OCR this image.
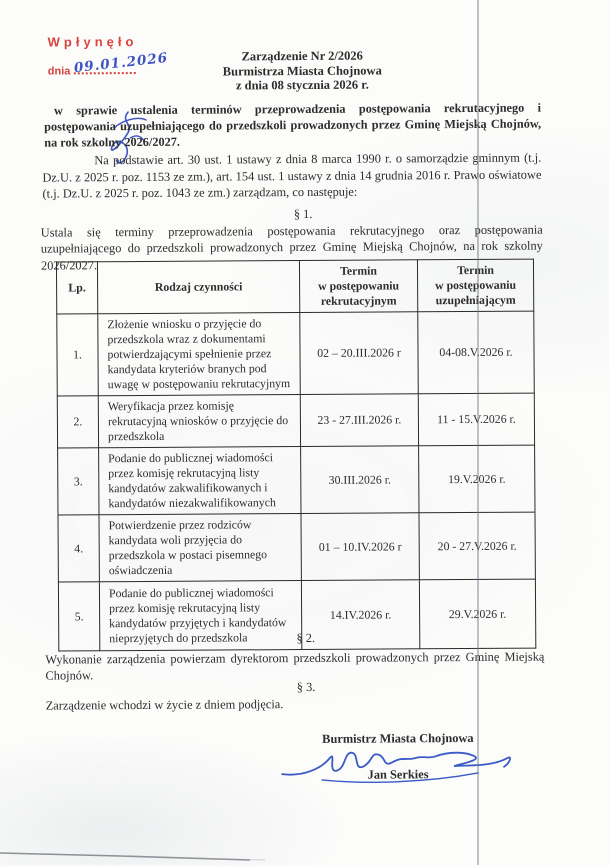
Wpłynęło
dnia 09.01.2026	Zarządzenie Nr 2/2026
Burmistrza Miasta Chojnowa
z dnia 08 stycznia 2026 r.
w sprawie ustalenia terminów przeprowadzenia postępowania rekrutacyjnego i postępowania uzupełniającego do przedszkoli prowadzonych przez Gminę Miejską Chojnów, na rok szkolny 2026/2027.
Na podstawie art. 30 ust. 1 ustawy z dnia 8 marca 1990 r. o samorządzie gminnym (t.j. Dz.U. z 2025 r. poz. 1153 ze zm.), art. 154 ust. 1 ustawy z dnia 14 grudnia 2016 r. Prawo oświatowe (t.j. Dz.U. z 2025 r. poz. 1043 ze zm.) zarządzam, co następuje:
§ 1.
Ustala się terminy przeprowadzenia postępowania rekrutacyjnego oraz postępowania uzupełniającego do przedszkoli prowadzonych przez Gminę Miejską Chojnów, na rok szkolny 2026/2027.
Lp.	Rodzaj czynności	Termin
w postępowaniu
rekrutacyjnym	Termin
w postępowaniu
uzupełniającym
1.	Złożenie wniosku o przyjęcie do przedszkola wraz z dokumentami potwierdzającymi spełnienie przez kandydata kryteriów branych pod uwagę w postępowaniu rekrutacyjnym	02 – 20.III.2026 r	04-08.V.2026 r.
2.	Weryfikacja przez komisję rekrutacyjną wniosków o przyjęcie do przedszkola	23 - 27.III.2026 r.	11 - 15.V.2026 r.
3.	Podanie do publicznej wiadomości przez komisję rekrutacyjną listy kandydatów zakwalifikowanych i kandydatów niezakwalifikowanych	30.III.2026 r.	19.V.2026 r.
4.	Potwierdzenie przez rodziców kandydata woli przyjęcia do przedszkola w postaci pisemnego oświadczenia	01 – 10.IV.2026 r	20 - 27.V.2026 r.
5.	Podanie do publicznej wiadomości przez komisję rekrutacyjną listy kandydatów przyjętych i kandydatów nieprzyjętych do przedszkola	14.IV.2026 r.	29.V.2026 r.
§ 2.
Wykonanie zarządzenia powierzam dyrektorom przedszkoli prowadzonych przez Gminę Miejską Chojnów.
§ 3.
Zarządzenie wchodzi w życie z dniem podjęcia.
Burmistrz Miasta Chojnowa
Jan Serkies
